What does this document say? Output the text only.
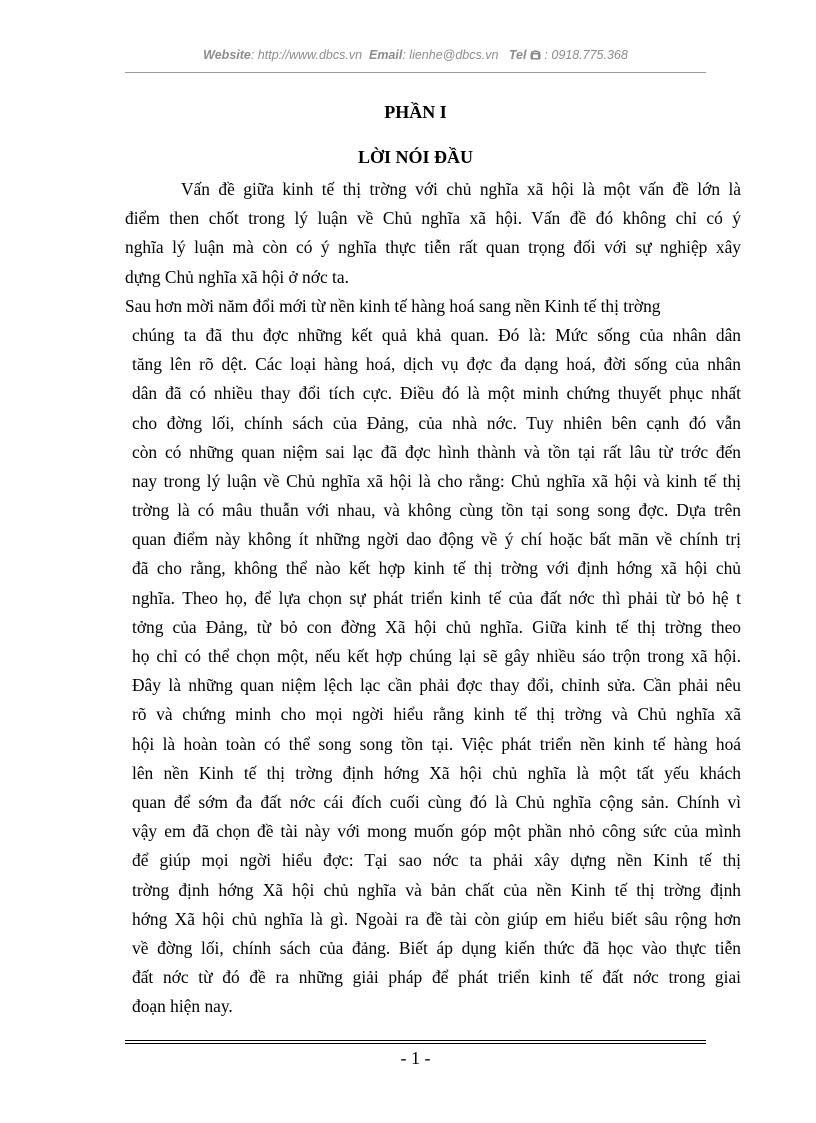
Website: http://www.dbcs.vn Email: lienhe@dbcs.vn Tel : 0918.775.368
PHẦN I
LỜI NÓI ĐẦU
Vấn đề giữa kinh tế thị trờng với chủ nghĩa xã hội là một vấn đề lớn là
điểm then chốt trong lý luận về Chủ nghĩa xã hội. Vấn đề đó không chỉ có ý
nghĩa lý luận mà còn có ý nghĩa thực tiễn rất quan trọng đối với sự nghiệp xây
dựng Chủ nghĩa xã hội ở nớc ta.
Sau hơn mời năm đổi mới từ nền kinh tế hàng hoá sang nền Kinh tế thị trờng
chúng ta đã thu đợc những kết quả khả quan. Đó là: Mức sống của nhân dân
tăng lên rõ dệt. Các loại hàng hoá, dịch vụ đợc đa dạng hoá, đời sống của nhân
dân đã có nhiều thay đổi tích cực. Điều đó là một minh chứng thuyết phục nhất
cho đờng lối, chính sách của Đảng, của nhà nớc. Tuy nhiên bên cạnh đó vẫn
còn có những quan niệm sai lạc đã đợc hình thành và tồn tại rất lâu từ trớc đến
nay trong lý luận về Chủ nghĩa xã hội là cho rằng: Chủ nghĩa xã hội và kinh tế thị
trờng là có mâu thuẫn với nhau, và không cùng tồn tại song song đợc. Dựa trên
quan điểm này không ít những ngời dao động về ý chí hoặc bất mãn về chính trị
đã cho rằng, không thể nào kết hợp kinh tế thị trờng với định hớng xã hội chủ
nghĩa. Theo họ, để lựa chọn sự phát triển kinh tế của đất nớc thì phải từ bỏ hệ t
tởng của Đảng, từ bỏ con đờng Xã hội chủ nghĩa. Giữa kinh tế thị trờng theo
họ chỉ có thể chọn một, nếu kết hợp chúng lại sẽ gây nhiều sáo trộn trong xã hội.
Đây là những quan niệm lệch lạc cần phải đợc thay đổi, chỉnh sửa. Cần phải nêu
rõ và chứng minh cho mọi ngời hiểu rằng kinh tế thị trờng và Chủ nghĩa xã
hội là hoàn toàn có thể song song tồn tại. Việc phát triển nền kinh tế hàng hoá
lên nền Kinh tế thị trờng định hớng Xã hội chủ nghĩa là một tất yếu khách
quan để sớm đa đất nớc cái đích cuối cùng đó là Chủ nghĩa cộng sản. Chính vì
vậy em đã chọn đề tài này với mong muốn góp một phần nhỏ công sức của mình
để giúp mọi ngời hiểu đợc: Tại sao nớc ta phải xây dựng nền Kinh tế thị
trờng định hớng Xã hội chủ nghĩa và bản chất của nền Kinh tế thị trờng định
hớng Xã hội chủ nghĩa là gì. Ngoài ra đề tài còn giúp em hiểu biết sâu rộng hơn
về đờng lối, chính sách của đảng. Biết áp dụng kiến thức đã học vào thực tiễn
đất nớc từ đó đề ra những giải pháp để phát triển kinh tế đất nớc trong giai
đoạn hiện nay.
- 1 -
